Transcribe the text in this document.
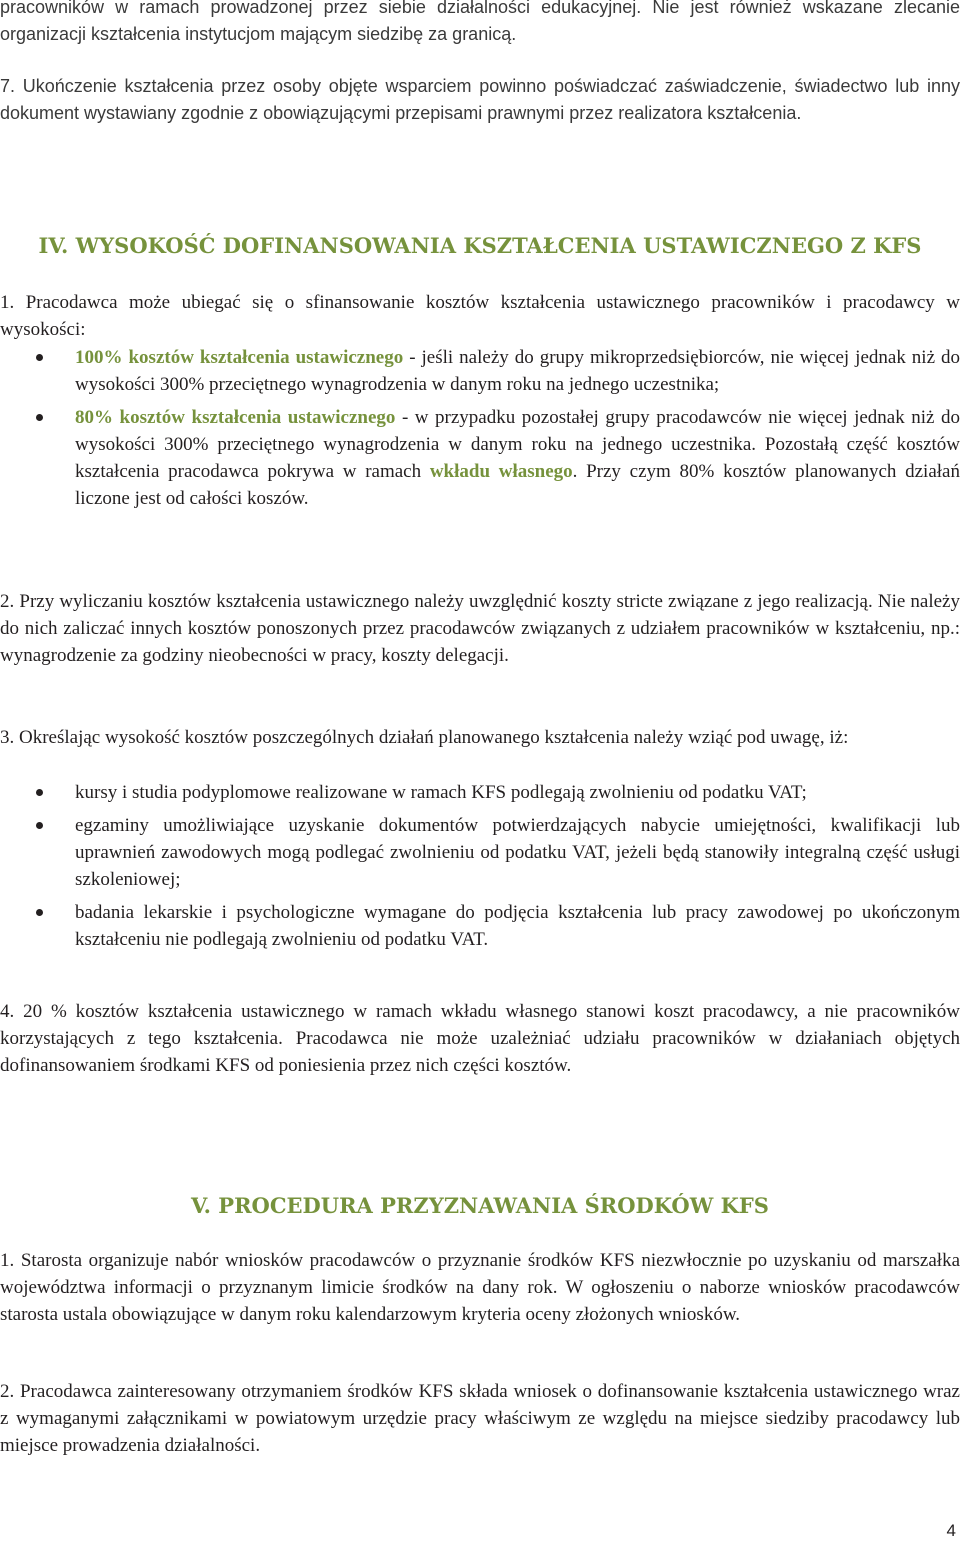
pracowników w ramach prowadzonej przez siebie działalności edukacyjnej. Nie jest również wskazane zlecanie organizacji kształcenia instytucjom mającym siedzibę za granicą.

7. Ukończenie kształcenia przez osoby objęte wsparciem powinno poświadczać zaświadczenie, świadectwo lub inny dokument wystawiany zgodnie z obowiązującymi przepisami prawnymi przez realizatora kształcenia.

IV. WYSOKOŚĆ DOFINANSOWANIA KSZTAŁCENIA USTAWICZNEGO Z KFS

1. Pracodawca może ubiegać się o sfinansowanie kosztów kształcenia ustawicznego pracowników i pracodawcy w wysokości:

100% kosztów kształcenia ustawicznego - jeśli należy do grupy mikroprzedsiębiorców, nie więcej jednak niż do wysokości 300% przeciętnego wynagrodzenia w danym roku na jednego uczestnika;
80% kosztów kształcenia ustawicznego - w przypadku pozostałej grupy pracodawców nie więcej jednak niż do wysokości 300% przeciętnego wynagrodzenia w danym roku na jednego uczestnika. Pozostałą część kosztów kształcenia pracodawca pokrywa w ramach wkładu własnego. Przy czym 80% kosztów planowanych działań liczone jest od całości koszów.

2. Przy wyliczaniu kosztów kształcenia ustawicznego należy uwzględnić koszty stricte związane z jego realizacją. Nie należy do nich zaliczać innych kosztów ponoszonych przez pracodawców związanych z udziałem pracowników w kształceniu, np.: wynagrodzenie za godziny nieobecności w pracy, koszty delegacji.

3. Określając wysokość kosztów poszczególnych działań planowanego kształcenia należy wziąć pod uwagę, iż:

kursy i studia podyplomowe realizowane w ramach KFS podlegają zwolnieniu od podatku VAT;
egzaminy umożliwiające uzyskanie dokumentów potwierdzających nabycie umiejętności, kwalifikacji lub uprawnień zawodowych mogą podlegać zwolnieniu od podatku VAT, jeżeli będą stanowiły integralną część usługi szkoleniowej;
badania lekarskie i psychologiczne wymagane do podjęcia kształcenia lub pracy zawodowej po ukończonym kształceniu nie podlegają zwolnieniu od podatku VAT.

4. 20 % kosztów kształcenia ustawicznego w ramach wkładu własnego stanowi koszt pracodawcy, a nie pracowników korzystających z tego kształcenia. Pracodawca nie może uzależniać udziału pracowników w działaniach objętych dofinansowaniem środkami KFS od poniesienia przez nich części kosztów.

V. PROCEDURA PRZYZNAWANIA ŚRODKÓW KFS

1. Starosta organizuje nabór wniosków pracodawców o przyznanie środków KFS niezwłocznie po uzyskaniu od marszałka województwa informacji o przyznanym limicie środków na dany rok. W ogłoszeniu o naborze wniosków pracodawców starosta ustala obowiązujące w danym roku kalendarzowym kryteria oceny złożonych wniosków.

2. Pracodawca zainteresowany otrzymaniem środków KFS składa wniosek o dofinansowanie kształcenia ustawicznego wraz z wymaganymi załącznikami w powiatowym urzędzie pracy właściwym ze względu na miejsce siedziby pracodawcy lub miejsce prowadzenia działalności.

4
